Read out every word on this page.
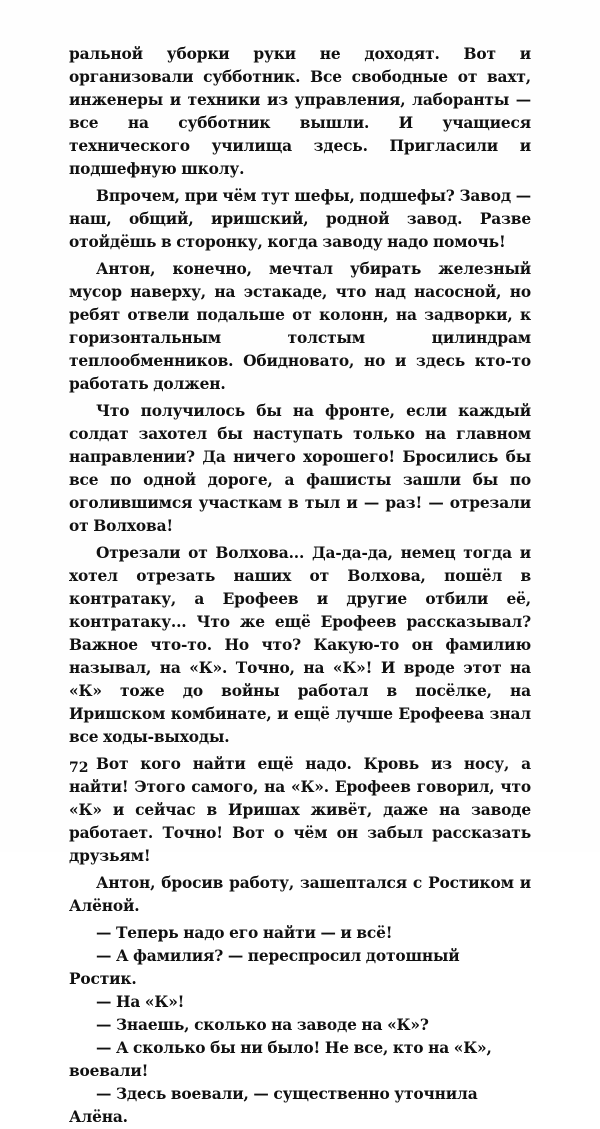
ральной уборки руки не доходят. Вот и организовали субботник. Все свободные от вахт, инженеры и техники из управления, лаборанты — все на субботник вышли. И учащиеся технического училища здесь. Пригласили и подшефную школу.

Впрочем, при чём тут шефы, подшефы? Завод — наш, общий, иришский, родной завод. Разве отойдёшь в сторонку, когда заводу надо помочь!

Антон, конечно, мечтал убирать железный мусор наверху, на эстакаде, что над насосной, но ребят отвели подальше от колонн, на задворки, к горизонтальным толстым цилиндрам теплообменников. Обидновато, но и здесь кто-то работать должен.

Что получилось бы на фронте, если каждый солдат захотел бы наступать только на главном направлении? Да ничего хорошего! Бросились бы все по одной дороге, а фашисты зашли бы по оголившимся участкам в тыл и — раз! — отрезали от Волхова!

Отрезали от Волхова... Да-да-да, немец тогда и хотел отрезать наших от Волхова, пошёл в контратаку, а Ерофеев и другие отбили её, контратаку... Что же ещё Ерофеев рассказывал? Важное что-то. Но что? Какую-то он фамилию называл, на «К». Точно, на «К»! И вроде этот на «К» тоже до войны работал в посёлке, на Иришском комбинате, и ещё лучше Ерофеева знал все ходы-выходы.

Вот кого найти ещё надо. Кровь из носу, а найти! Этого самого, на «К». Ерофеев говорил, что «К» и сейчас в Иришах живёт, даже на заводе работает. Точно! Вот о чём он забыл рассказать друзьям!

Антон, бросив работу, зашептался с Ростиком и Алёной.

— Теперь надо его найти — и всё!

— А фамилия? — переспросил дотошный Ростик.

— На «К»!

— Знаешь, сколько на заводе на «К»?

— А сколько бы ни было! Не все, кто на «К», воевали!

— Здесь воевали, — существенно уточнила Алёна.

72
